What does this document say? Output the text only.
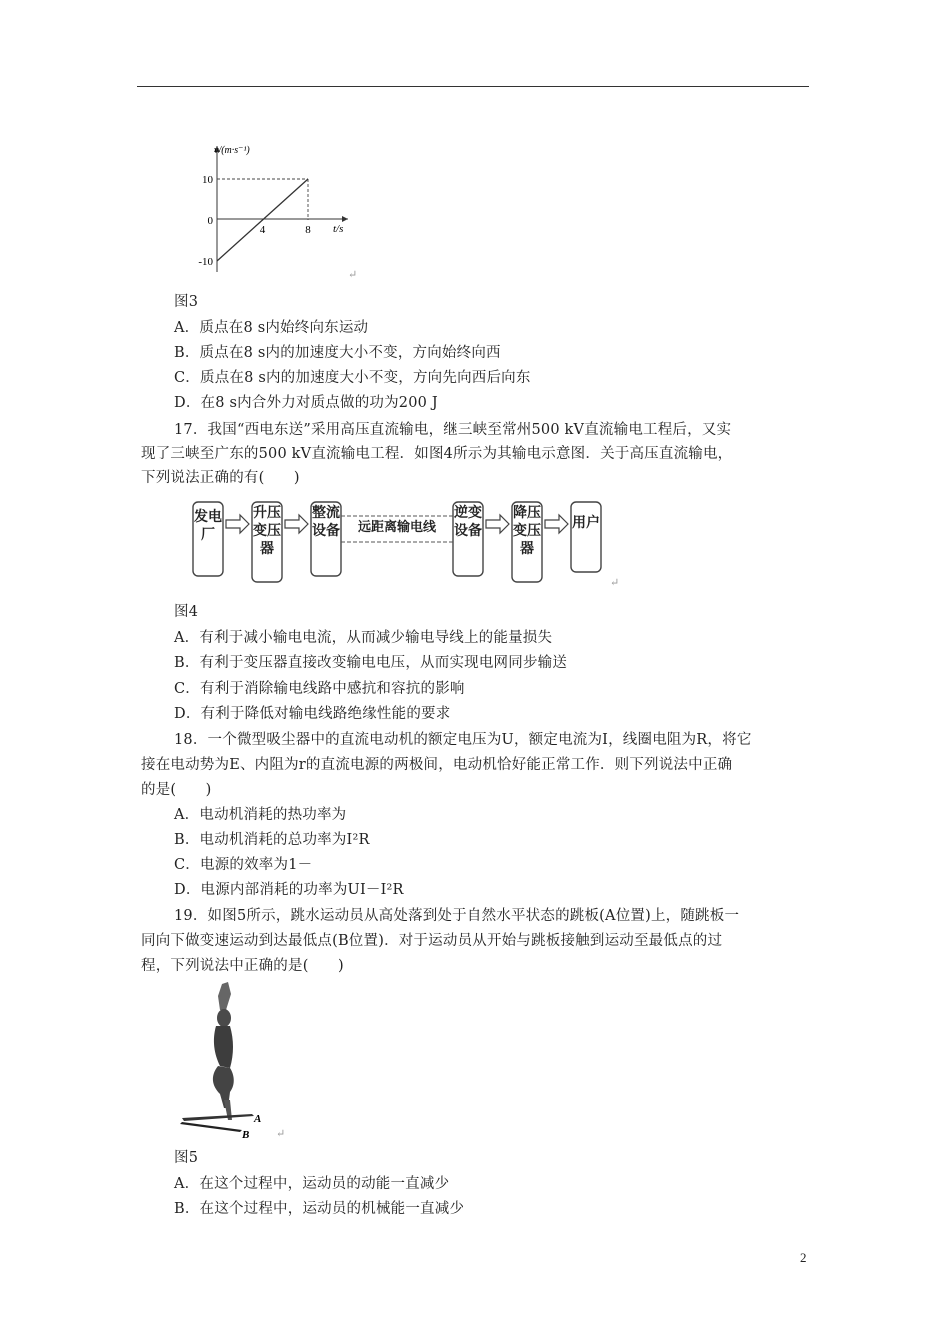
10
0
-10
4	8
v/(m·s⁻¹)
t/s
↵
图3
A．质点在8 s内始终向东运动
B．质点在8 s内的加速度大小不变，方向始终向西
C．质点在8 s内的加速度大小不变，方向先向西后向东
D．在8 s内合外力对质点做的功为200 J
17．我国“西电东送”采用高压直流输电，继三峡至常州500 kV直流输电工程后，又实
现了三峡至广东的500 kV直流输电工程．如图4所示为其输电示意图．关于高压直流输电，
下列说法正确的有(　　)
发电厂
升压变压器
整流设备	远距离输电线
逆变设备
降压变压器
用户
↵
图4
A．有利于减小输电电流，从而减少输电导线上的能量损失
B．有利于变压器直接改变输电电压，从而实现电网同步输送
C．有利于消除输电线路中感抗和容抗的影响
D．有利于降低对输电线路绝缘性能的要求
18．一个微型吸尘器中的直流电动机的额定电压为U，额定电流为I，线圈电阻为R，将它
接在电动势为E、内阻为r的直流电源的两极间，电动机恰好能正常工作．则下列说法中正确
的是(　　)
A．电动机消耗的热功率为
B．电动机消耗的总功率为I²R
C．电源的效率为1－
D．电源内部消耗的功率为UI－I²R
19．如图5所示，跳水运动员从高处落到处于自然水平状态的跳板(A位置)上，随跳板一
同向下做变速运动到达最低点(B位置)．对于运动员从开始与跳板接触到运动至最低点的过
程，下列说法中正确的是(　　)
A
B ↵
图5
A．在这个过程中，运动员的动能一直减少
B．在这个过程中，运动员的机械能一直减少
2
